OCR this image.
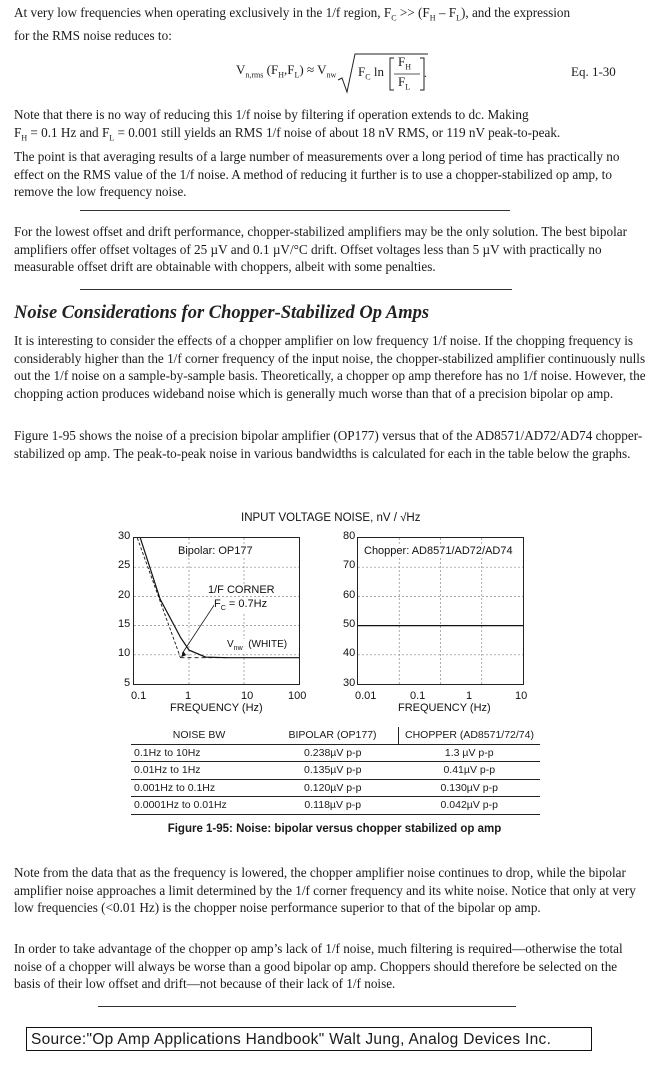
At very low frequencies when operating exclusively in the 1/f region, $F_C >> (F_H - F_L)$, and the expression
for the RMS noise reduces to:

$V_{n,rms}$ $(F_H,F_L) \approx V_{nw}$ $F_C$ ln
$F_H$
$F_L$
.	Eq. 1-30

Note that there is no way of reducing this 1/f noise by filtering if operation extends to dc. Making
$F_H = 0.1$ Hz and $F_L = 0.001$ still yields an RMS 1/f noise of about 18 nV RMS, or 119 nV peak-to-peak.

The point is that averaging results of a large number of measurements over a long period of time has practically no effect on the RMS value of the 1/f noise. A method of reducing it further is to use a chopper-stabilized op amp, to remove the low frequency noise.

For the lowest offset and drift performance, chopper-stabilized amplifiers may be the only solution. The best bipolar amplifiers offer offset voltages of 25 µV and 0.1 µV/°C drift. Offset voltages less than 5 µV with practically no measurable offset drift are obtainable with choppers, albeit with some penalties.

Noise Considerations for Chopper-Stabilized Op Amps

It is interesting to consider the effects of a chopper amplifier on low frequency 1/f noise. If the chopping frequency is considerably higher than the 1/f corner frequency of the input noise, the chopper-stabilized amplifier continuously nulls out the 1/f noise on a sample-by-sample basis. Theoretically, a chopper op amp therefore has no 1/f noise. However, the chopping action produces wideband noise which is generally much worse than that of a precision bipolar op amp.

Figure 1-95 shows the noise of a precision bipolar amplifier (OP177) versus that of the AD8571/AD72/AD74 chopper-stabilized op amp. The peak-to-peak noise in various bandwidths is calculated for each in the table below the graphs.

INPUT VOLTAGE NOISE, nV / √Hz
30
25
20
15
10
5
0.1	1	10	100
FREQUENCY (Hz)
80
70
60
50
40
30
0.01	0.1	1	10
FREQUENCY (Hz)
Bipolar: OP177	Chopper: AD8571/AD72/AD74
1/F CORNER
$F_C = 0.7Hz$
$V_{nw}$ (WHITE)
NOISE BW	BIPOLAR (OP177)	CHOPPER (AD8571/72/74)
0.1Hz to 10Hz	0.238µV p-p	1.3 µV p-p
0.01Hz to 1Hz	0.135µV p-p	0.41µV p-p
0.001Hz to 0.1Hz	0.120µV p-p	0.130µV p-p
0.0001Hz to 0.01Hz	0.118µV p-p	0.042µV p-p
Figure 1-95: Noise: bipolar versus chopper stabilized op amp

Note from the data that as the frequency is lowered, the chopper amplifier noise continues to drop, while the bipolar amplifier noise approaches a limit determined by the 1/f corner frequency and its white noise. Notice that only at very low frequencies (<0.01 Hz) is the chopper noise performance superior to that of the bipolar op amp.

In order to take advantage of the chopper op amp’s lack of 1/f noise, much filtering is required—otherwise the total noise of a chopper will always be worse than a good bipolar op amp. Choppers should therefore be selected on the basis of their low offset and drift—not because of their lack of 1/f noise.

Source:"Op Amp Applications Handbook" Walt Jung, Analog Devices Inc.
